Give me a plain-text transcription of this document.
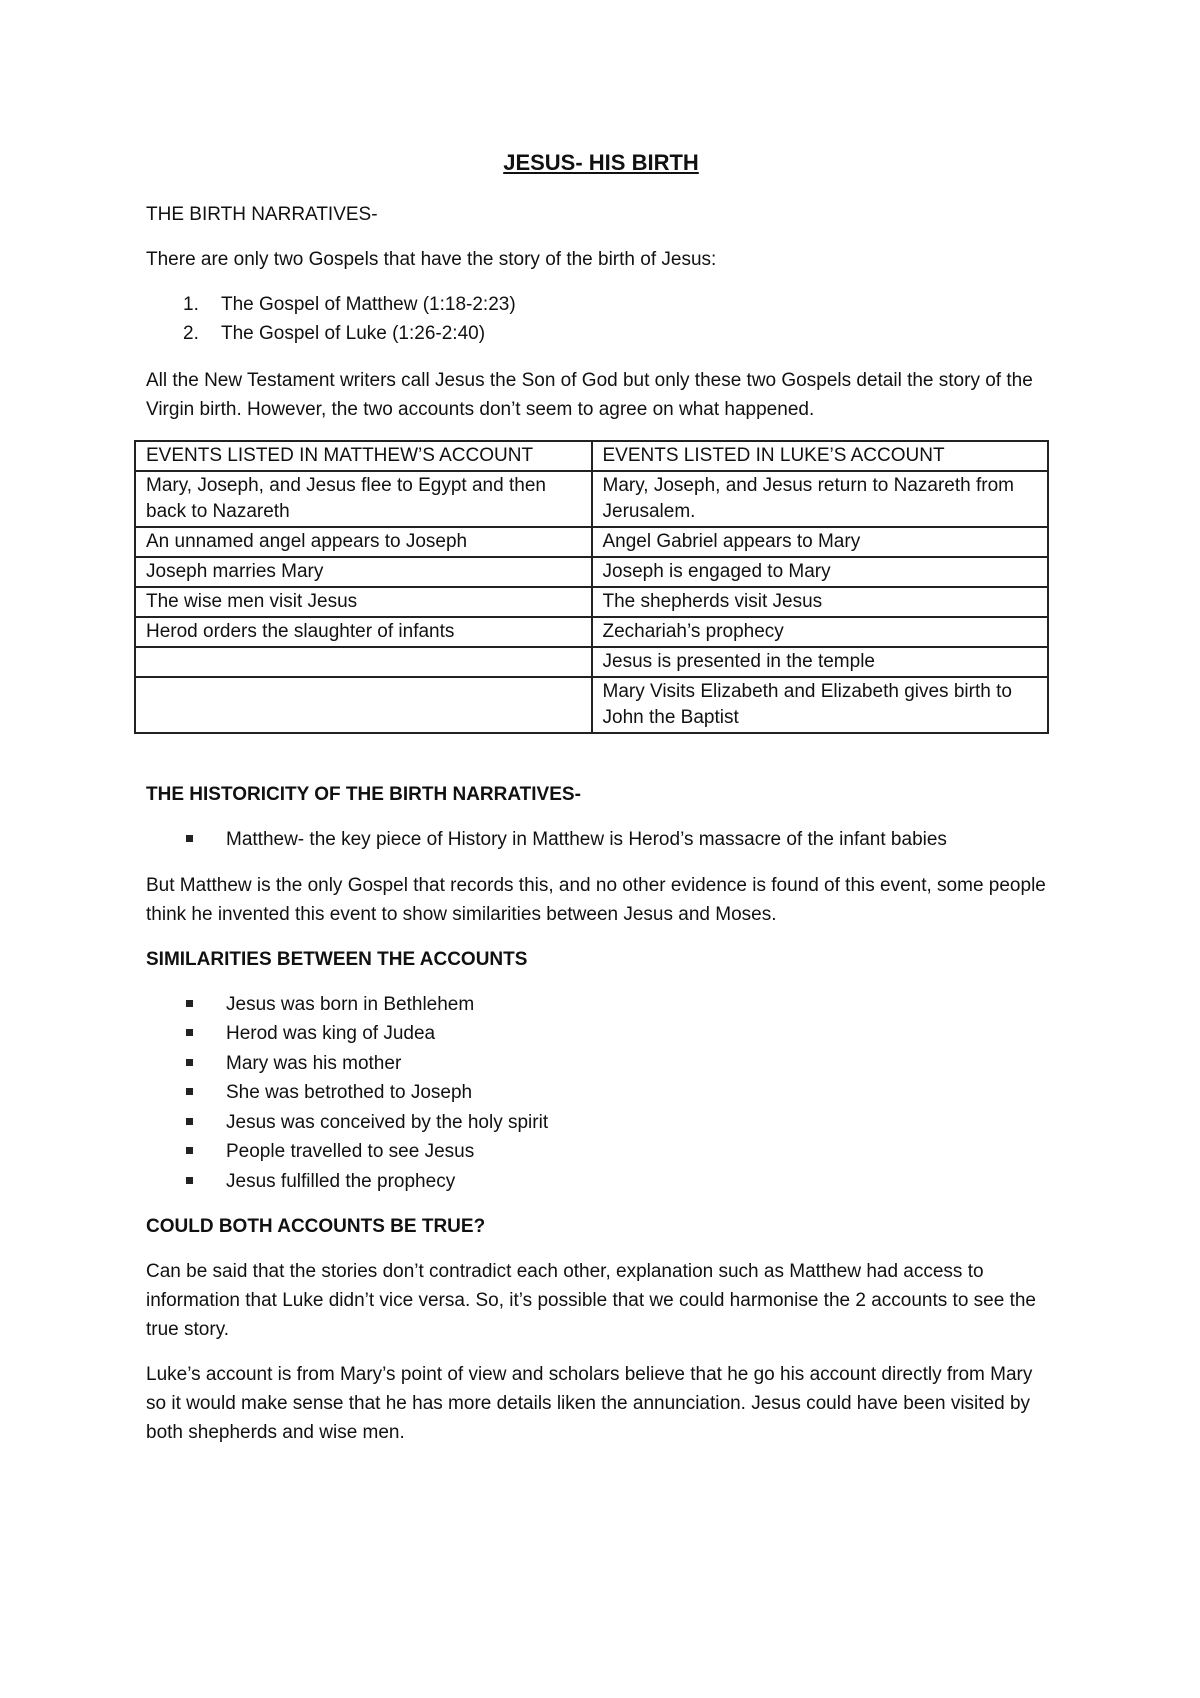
JESUS- HIS BIRTH

THE BIRTH NARRATIVES-

There are only two Gospels that have the story of the birth of Jesus:

1.	The Gospel of Matthew (1:18-2:23)
2.	The Gospel of Luke (1:26-2:40)

All the New Testament writers call Jesus the Son of God but only these two Gospels detail the story of the Virgin birth. However, the two accounts don’t seem to agree on what happened.

EVENTS LISTED IN MATTHEW’S ACCOUNT	EVENTS LISTED IN LUKE’S ACCOUNT
Mary, Joseph, and Jesus flee to Egypt and then back to Nazareth	Mary, Joseph, and Jesus return to Nazareth from Jerusalem.
An unnamed angel appears to Joseph	Angel Gabriel appears to Mary
Joseph marries Mary	Joseph is engaged to Mary
The wise men visit Jesus	The shepherds visit Jesus
Herod orders the slaughter of infants	Zechariah’s prophecy
	Jesus is presented in the temple
	Mary Visits Elizabeth and Elizabeth gives birth to John the Baptist

THE HISTORICITY OF THE BIRTH NARRATIVES-

Matthew- the key piece of History in Matthew is Herod’s massacre of the infant babies

But Matthew is the only Gospel that records this, and no other evidence is found of this event, some people think he invented this event to show similarities between Jesus and Moses.

SIMILARITIES BETWEEN THE ACCOUNTS

Jesus was born in Bethlehem
Herod was king of Judea
Mary was his mother
She was betrothed to Joseph
Jesus was conceived by the holy spirit
People travelled to see Jesus
Jesus fulfilled the prophecy

COULD BOTH ACCOUNTS BE TRUE?

Can be said that the stories don’t contradict each other, explanation such as Matthew had access to information that Luke didn’t vice versa. So, it’s possible that we could harmonise the 2 accounts to see the true story.

Luke’s account is from Mary’s point of view and scholars believe that he go his account directly from Mary so it would make sense that he has more details liken the annunciation. Jesus could have been visited by both shepherds and wise men.
